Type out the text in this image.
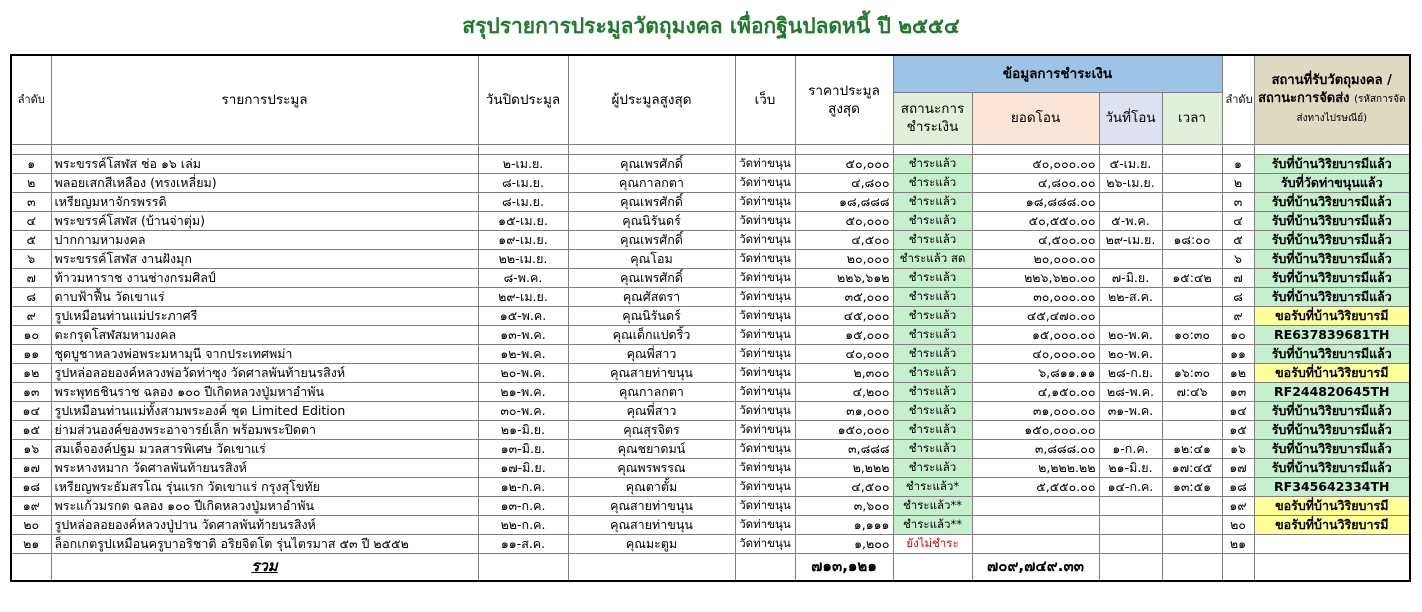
สรุปรายการประมูลวัตถุมงคล เพื่อกฐินปลดหนี้ ปี ๒๕๕๔
ลำดับ	รายการประมูล	วันปิดประมูล	ผู้ประมูลสูงสุด	เว็บ	ราคาประมูลสูงสุด	ข้อมูลการชำระเงิน				ลำดับ	สถานที่รับวัตถุมงคล / สถานะการจัดส่ง (รหัสการจัดส่งทางไปรษณีย์)
						สถานะการชำระเงิน	ยอดโอน	วันที่โอน	เวลา		

๑	พระขรรค์โสฬส ช่อ ๑๖ เล่ม	๒-เม.ย.	คุณเพรศักดิ์	วัดท่าขนุน	๕๐,๐๐๐	ชำระแล้ว	๕๐,๐๐๐.๐๐	๕-เม.ย.		๑	รับที่บ้านวิริยบารมีแล้ว
๒	พลอยเสกสีเหลือง (ทรงเหลี่ยม)	๘-เม.ย.	คุณกาลกตา	วัดท่าขนุน	๔,๘๐๐	ชำระแล้ว	๔,๘๐๐.๐๐	๒๖-เม.ย.		๒	รับที่วัดท่าขนุนแล้ว
๓	เหรียญมหาจักรพรรดิ	๘-เม.ย.	คุณเพรศักดิ์	วัดท่าขนุน	๑๘,๘๘๘	ชำระแล้ว	๑๘,๘๘๘.๐๐			๓	รับที่บ้านวิริยบารมีแล้ว
๔	พระขรรค์โสฬส (บ้านจ่าตุ่ม)	๑๕-เม.ย.	คุณนิรันดร์	วัดท่าขนุน	๕๐,๐๐๐	ชำระแล้ว	๕๐,๕๕๐.๐๐	๕-พ.ค.		๔	รับที่บ้านวิริยบารมีแล้ว
๕	ปากกามหามงคล	๑๙-เม.ย.	คุณเพรศักดิ์	วัดท่าขนุน	๔,๕๐๐	ชำระแล้ว	๔,๕๐๐.๐๐	๒๙-เม.ย.	๑๘:๐๐	๕	รับที่บ้านวิริยบารมีแล้ว
๖	พระขรรค์โสฬส งานฝังมุก	๒๒-เม.ย.	คุณโอม	วัดท่าขนุน	๒๐,๐๐๐	ชำระแล้ว สด	๒๐,๐๐๐.๐๐			๖	รับที่บ้านวิริยบารมีแล้ว
๗	ท้าวมหาราช งานช่างกรมศิลป์	๘-พ.ค.	คุณเพรศักดิ์	วัดท่าขนุน	๒๒๖,๖๑๒	ชำระแล้ว	๒๒๖,๖๒๐.๐๐	๗-มิ.ย.	๑๕:๔๒	๗	รับที่บ้านวิริยบารมีแล้ว
๘	ดาบฟ้าฟื้น วัดเขาแร่	๒๙-เม.ย.	คุณศัสตรา	วัดท่าขนุน	๓๕,๐๐๐	ชำระแล้ว	๓๐,๐๐๐.๐๐	๒๒-ส.ค.		๘	รับที่บ้านวิริยบารมีแล้ว
๙	รูปเหมือนท่านแม่ประภาศรี	๑๕-พ.ค.	คุณนิรันดร์	วัดท่าขนุน	๔๕,๐๐๐	ชำระแล้ว	๔๕,๔๗๐.๐๐			๙	ขอรับที่บ้านวิริยบารมี
๑๐	ตะกรุดโสฬสมหามงคล	๑๓-พ.ค.	คุณเด็กแปดริ้ว	วัดท่าขนุน	๑๕,๐๐๐	ชำระแล้ว	๑๕,๐๐๐.๐๐	๒๐-พ.ค.	๑๐:๓๐	๑๐	RE637839681TH
๑๑	ชุดบูชาหลวงพ่อพระมหามุนี จากประเทศพม่า	๑๒-พ.ค.	คุณพี่สาว	วัดท่าขนุน	๔๐,๐๐๐	ชำระแล้ว	๔๐,๐๐๐.๐๐	๒๐-พ.ค.		๑๑	รับที่บ้านวิริยบารมีแล้ว
๑๒	รูปหล่อลอยองค์หลวงพ่อวัดท่าซุง วัดศาลพันท้ายนรสิงห์	๒๐-พ.ค.	คุณสายท่าขนุน	วัดท่าขนุน	๒,๓๐๐	ชำระแล้ว	๖,๘๑๑.๑๑	๒๘-ก.ย.	๑๖:๓๐	๑๒	ขอรับที่บ้านวิริยบารมี
๑๓	พระพุทธชินราช ฉลอง ๑๐๐ ปีเกิดหลวงปู่มหาอำพัน	๒๑-พ.ค.	คุณกาลกตา	วัดท่าขนุน	๔,๒๐๐	ชำระแล้ว	๔,๑๕๐.๐๐	๒๘-พ.ค.	๗:๔๖	๑๓	RF244820645TH
๑๔	รูปเหมือนท่านแม่ทั้งสามพระองค์ ชุด Limited Edition	๓๐-พ.ค.	คุณพี่สาว	วัดท่าขนุน	๓๑,๐๐๐	ชำระแล้ว	๓๑,๐๐๐.๐๐	๓๑-พ.ค.		๑๔	รับที่บ้านวิริยบารมีแล้ว
๑๕	ย่ามส่วนองค์ของพระอาจารย์เล็ก พร้อมพระปิดตา	๒๑-มิ.ย.	คุณสุรจิตร	วัดท่าขนุน	๑๕๐,๐๐๐	ชำระแล้ว	๑๕๐,๐๐๐.๐๐			๑๕	รับที่บ้านวิริยบารมีแล้ว
๑๖	สมเด็จองค์ปฐม มวลสารพิเศษ วัดเขาแร่	๑๓-มิ.ย.	คุณชยาดมน์	วัดท่าขนุน	๓,๘๘๘	ชำระแล้ว	๓,๘๘๘.๐๐	๑-ก.ค.	๑๒:๔๑	๑๖	รับที่บ้านวิริยบารมีแล้ว
๑๗	พระหางหมาก วัดศาลพันท้ายนรสิงห์	๑๗-มิ.ย.	คุณพรพรรณ	วัดท่าขนุน	๒,๒๒๒	ชำระแล้ว	๒,๒๒๒.๒๒	๒๑-มิ.ย.	๑๗:๔๕	๑๗	รับที่บ้านวิริยบารมีแล้ว
๑๘	เหรียญพระธัมสรโณ รุ่นแรก วัดเขาแร่ กรุงสุโขทัย	๑๒-ก.ค.	คุณตาตั้ม	วัดท่าขนุน	๔,๕๐๐	ชำระแล้ว*	๕,๕๕๐.๐๐	๑๔-ก.ค.	๑๓:๕๑	๑๘	RF345642334TH
๑๙	พระแก้วมรกต ฉลอง ๑๐๐ ปีเกิดหลวงปู่มหาอำพัน	๑๓-ก.ค.	คุณสายท่าขนุน	วัดท่าขนุน	๓,๖๐๐	ชำระแล้ว**				๑๙	ขอรับที่บ้านวิริยบารมี
๒๐	รูปหล่อลอยองค์หลวงปู่ปาน วัดศาลพันท้ายนรสิงห์	๒๒-ก.ค.	คุณสายท่าขนุน	วัดท่าขนุน	๑,๑๑๑	ชำระแล้ว**				๒๐	ขอรับที่บ้านวิริยบารมี
๒๑	ล็อกเกตรูปเหมือนครูบาอริชาติ อริยจิตโต รุ่นไตรมาส ๕๓ ปี ๒๕๕๒	๑๑-ส.ค.	คุณมะตูม	วัดท่าขนุน	๑,๒๐๐	ยังไม่ชำระ				๒๑	
	รวม				๗๑๓,๑๒๑		๗๐๙,๗๔๙.๓๓				
